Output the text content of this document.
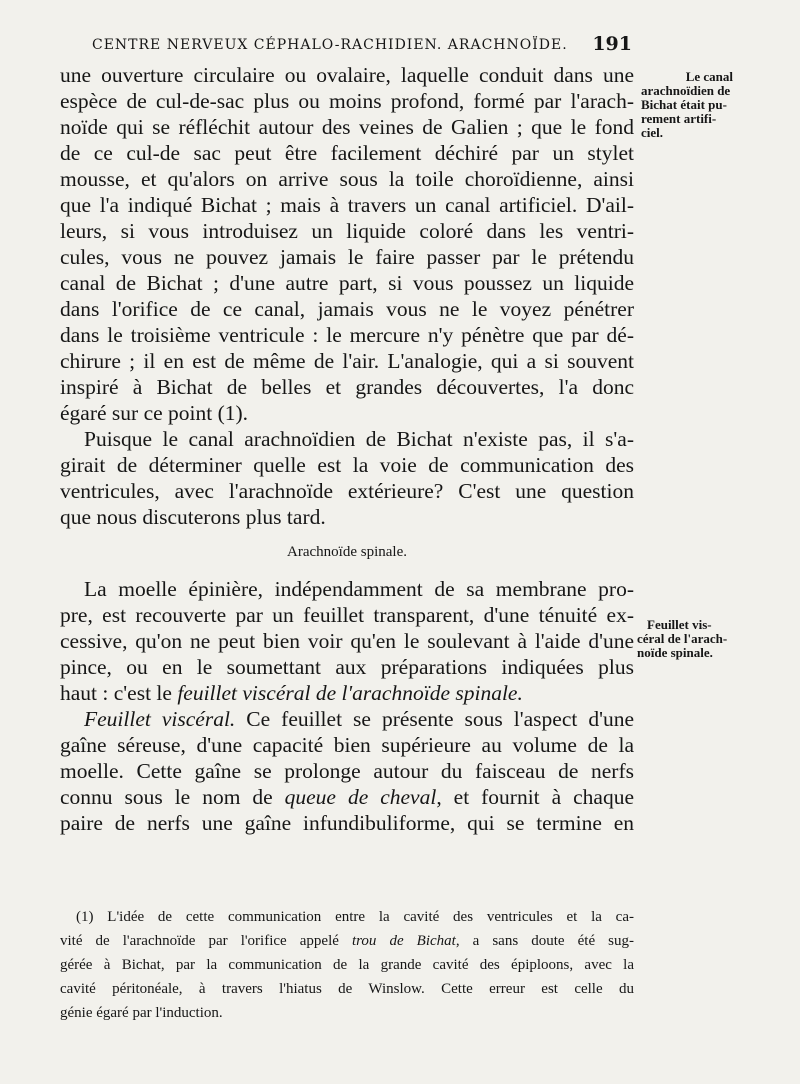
CENTRE NERVEUX CÉPHALO-RACHIDIEN. ARACHNOÏDE. 191
Le canal
arachnoïdien de
Bichat était pu-
rement artifi-
ciel.
Feuillet vis-
céral de l'arach-
noïde spinale.
une ouverture circulaire ou ovalaire, laquelle conduit dans une
espèce de cul-de-sac plus ou moins profond, formé par l'arach-
noïde qui se réfléchit autour des veines de Galien ; que le fond
de ce cul-de sac peut être facilement déchiré par un stylet
mousse, et qu'alors on arrive sous la toile choroïdienne, ainsi
que l'a indiqué Bichat ; mais à travers un canal artificiel. D'ail-
leurs, si vous introduisez un liquide coloré dans les ventri-
cules, vous ne pouvez jamais le faire passer par le prétendu
canal de Bichat ; d'une autre part, si vous poussez un liquide
dans l'orifice de ce canal, jamais vous ne le voyez pénétrer
dans le troisième ventricule : le mercure n'y pénètre que par dé-
chirure ; il en est de même de l'air. L'analogie, qui a si souvent
inspiré à Bichat de belles et grandes découvertes, l'a donc
égaré sur ce point (1).
Puisque le canal arachnoïdien de Bichat n'existe pas, il s'a-
girait de déterminer quelle est la voie de communication des
ventricules, avec l'arachnoïde extérieure? C'est une question
que nous discuterons plus tard.
Arachnoïde spinale.
La moelle épinière, indépendamment de sa membrane pro-
pre, est recouverte par un feuillet transparent, d'une ténuité ex-
cessive, qu'on ne peut bien voir qu'en le soulevant à l'aide d'une
pince, ou en le soumettant aux préparations indiquées plus
haut : c'est le feuillet viscéral de l'arachnoïde spinale.
Feuillet viscéral. Ce feuillet se présente sous l'aspect d'une
gaîne séreuse, d'une capacité bien supérieure au volume de la
moelle. Cette gaîne se prolonge autour du faisceau de nerfs
connu sous le nom de queue de cheval, et fournit à chaque
paire de nerfs une gaîne infundibuliforme, qui se termine en
(1) L'idée de cette communication entre la cavité des ventricules et la ca-
vité de l'arachnoïde par l'orifice appelé trou de Bichat, a sans doute été sug-
gérée à Bichat, par la communication de la grande cavité des épiploons, avec la
cavité péritonéale, à travers l'hiatus de Winslow. Cette erreur est celle du
génie égaré par l'induction.
